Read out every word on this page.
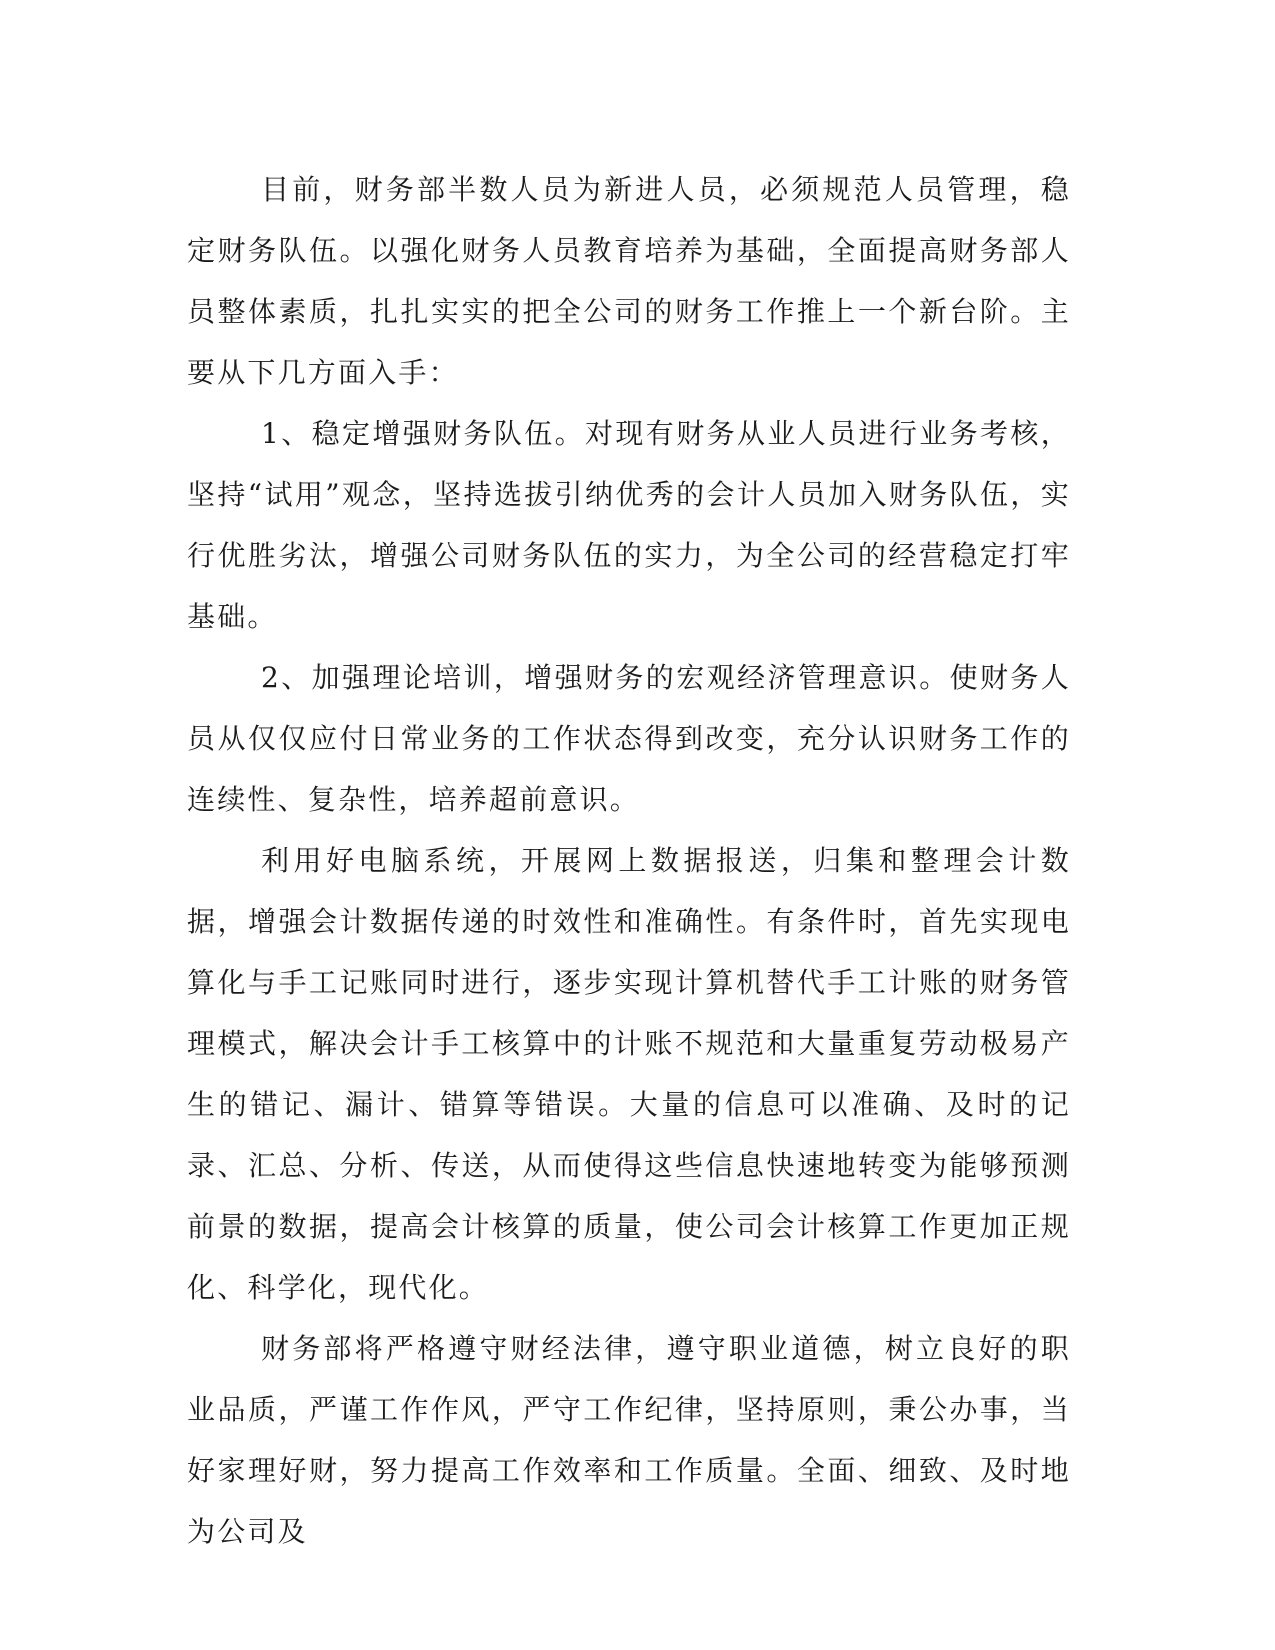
目前，财务部半数人员为新进人员，必须规范人员管理，稳定财务队伍。以强化财务人员教育培养为基础，全面提高财务部人员整体素质，扎扎实实的把全公司的财务工作推上一个新台阶。主要从下几方面入手：

1、稳定增强财务队伍。对现有财务从业人员进行业务考核，坚持“试用”观念，坚持选拔引纳优秀的会计人员加入财务队伍，实行优胜劣汰，增强公司财务队伍的实力，为全公司的经营稳定打牢基础。

2、加强理论培训，增强财务的宏观经济管理意识。使财务人员从仅仅应付日常业务的工作状态得到改变，充分认识财务工作的连续性、复杂性，培养超前意识。

利用好电脑系统，开展网上数据报送，归集和整理会计数据，增强会计数据传递的时效性和准确性。有条件时，首先实现电算化与手工记账同时进行，逐步实现计算机替代手工计账的财务管理模式，解决会计手工核算中的计账不规范和大量重复劳动极易产生的错记、漏计、错算等错误。大量的信息可以准确、及时的记录、汇总、分析、传送，从而使得这些信息快速地转变为能够预测前景的数据，提高会计核算的质量，使公司会计核算工作更加正规化、科学化，现代化。

财务部将严格遵守财经法律，遵守职业道德，树立良好的职业品质，严谨工作作风，严守工作纪律，坚持原则，秉公办事，当好家理好财，努力提高工作效率和工作质量。全面、细致、及时地为公司及
